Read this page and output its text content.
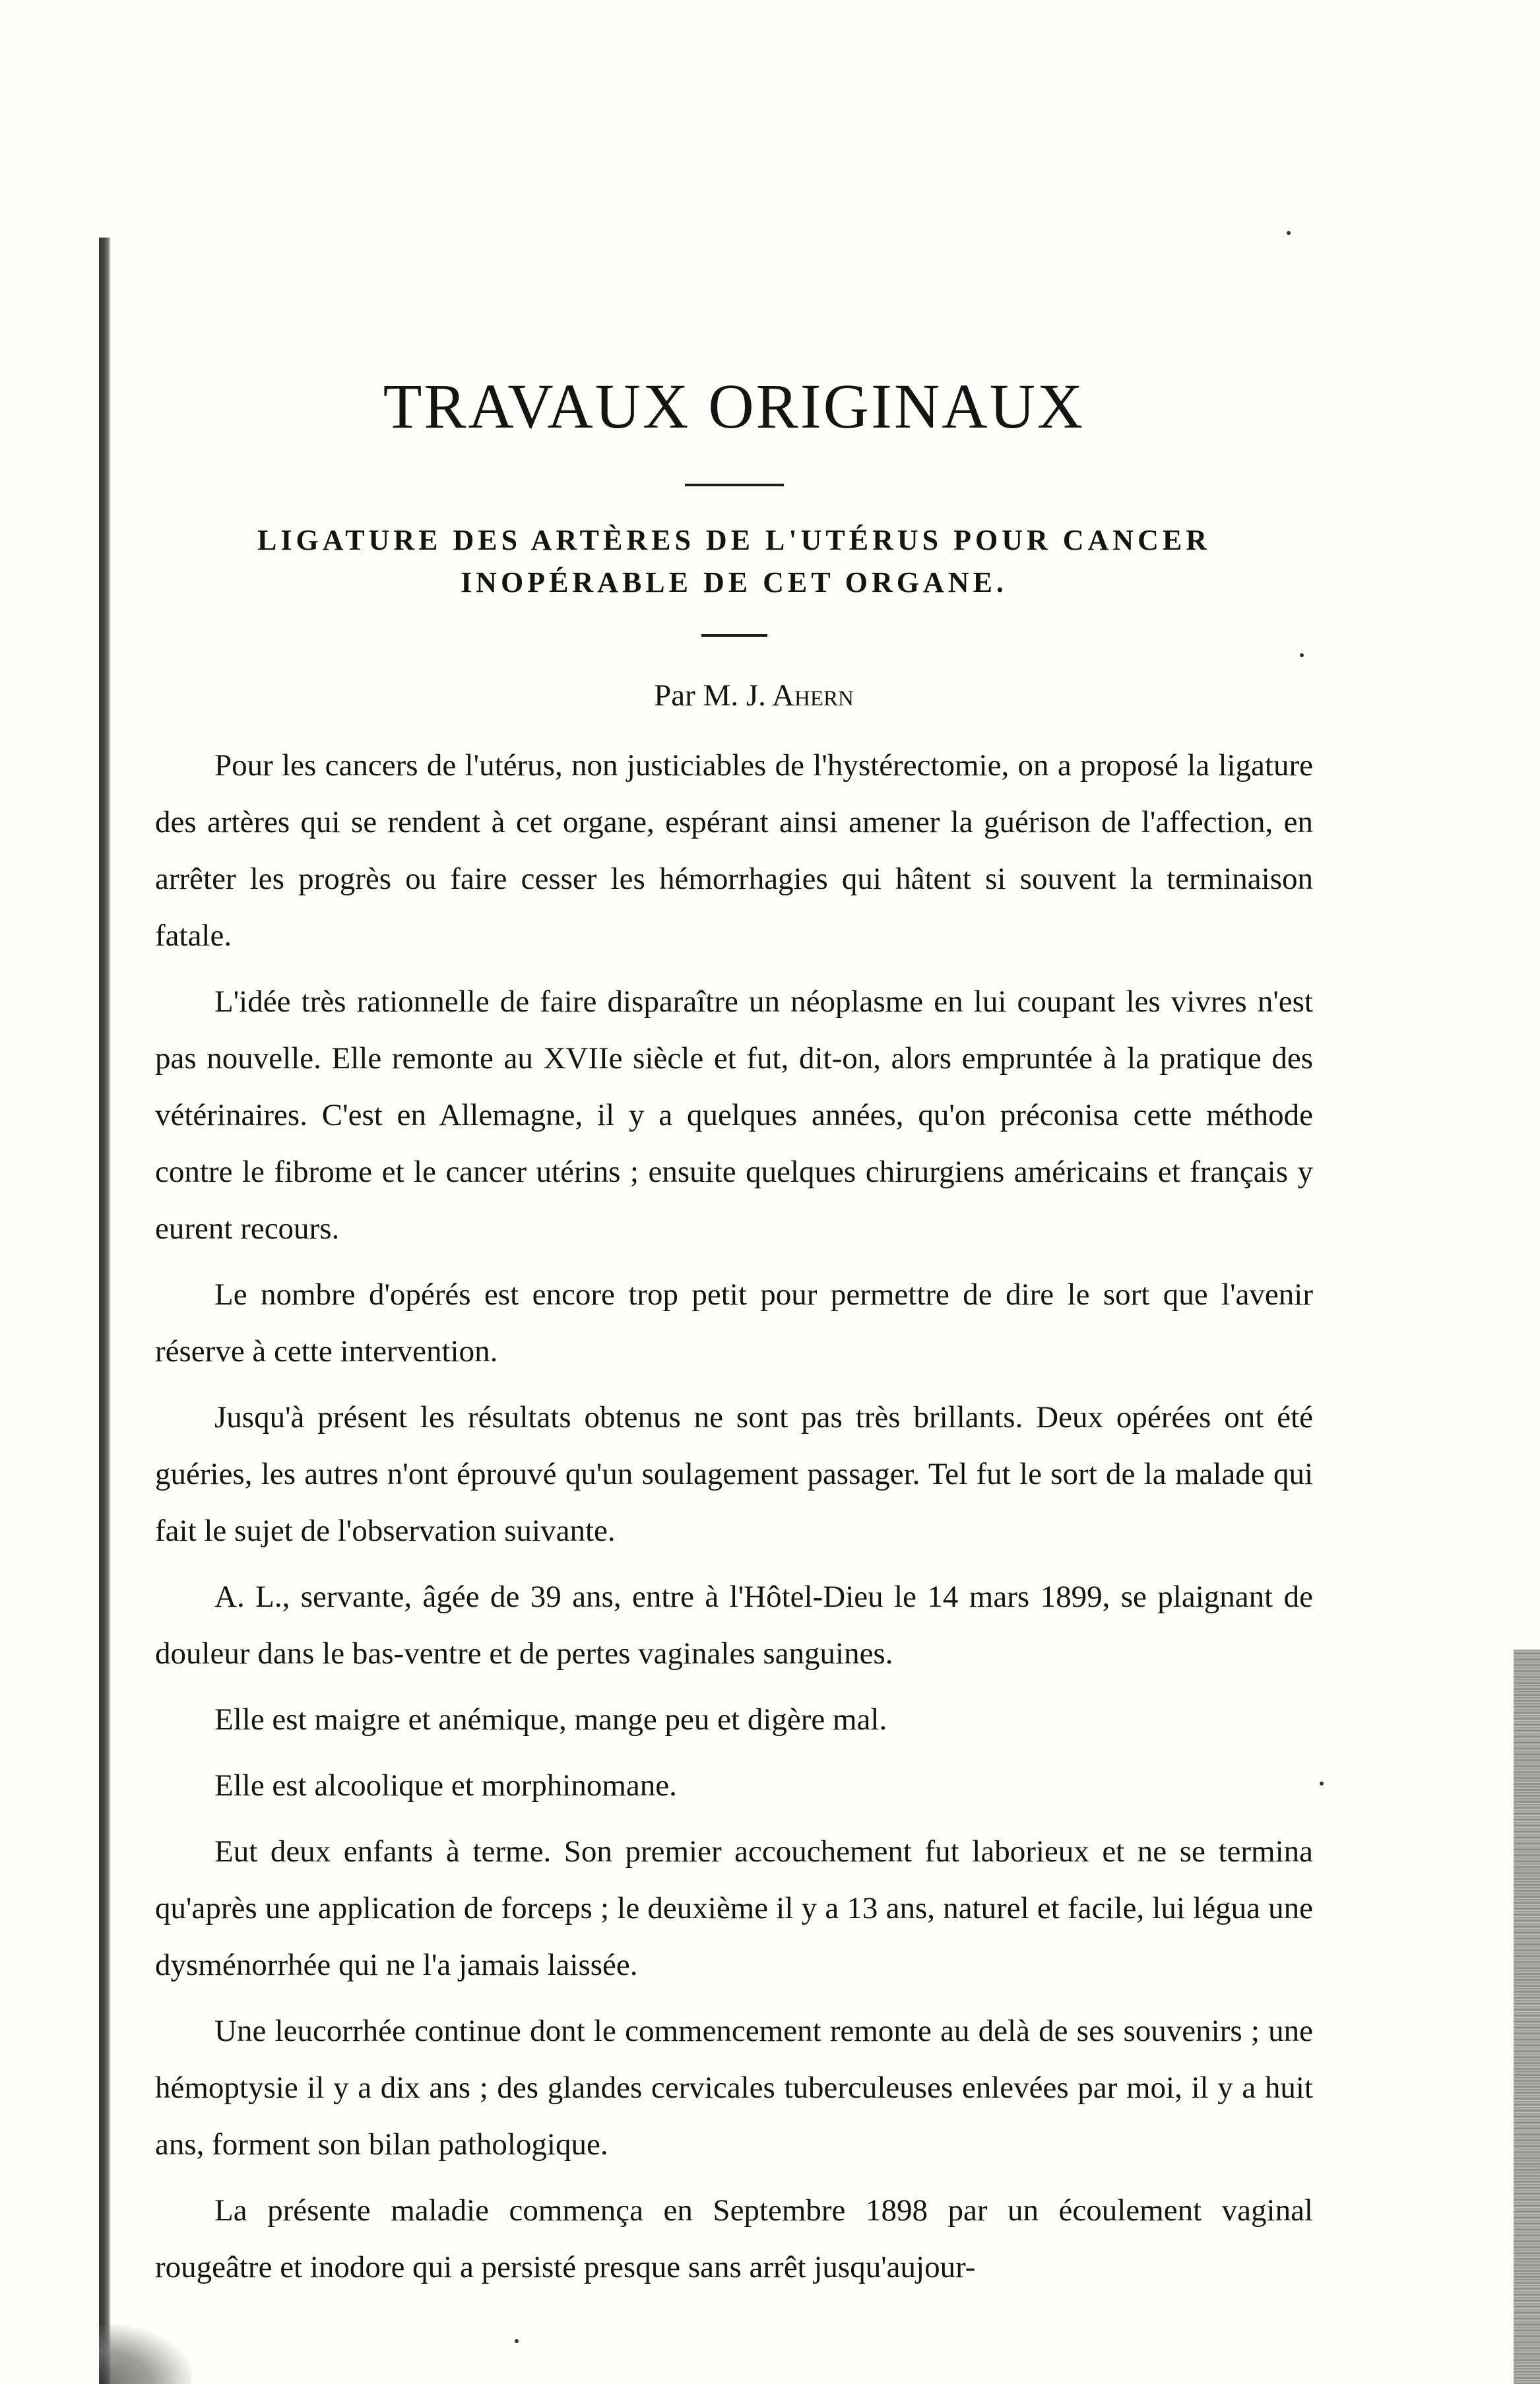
TRAVAUX ORIGINAUX
LIGATURE DES ARTÈRES DE L'UTÉRUS POUR CANCER INOPÉRABLE DE CET ORGANE.
Par M. J. Ahern

Pour les cancers de l'utérus, non justiciables de l'hystérectomie, on a proposé la ligature des artères qui se rendent à cet organe, espérant ainsi amener la guérison de l'affection, en arrêter les progrès ou faire cesser les hémorrhagies qui hâtent si souvent la terminaison fatale.

L'idée très rationnelle de faire disparaître un néoplasme en lui coupant les vivres n'est pas nouvelle. Elle remonte au XVIIe siècle et fut, dit-on, alors empruntée à la pratique des vétérinaires. C'est en Allemagne, il y a quelques années, qu'on préconisa cette méthode contre le fibrome et le cancer utérins ; ensuite quelques chirurgiens américains et français y eurent recours.

Le nombre d'opérés est encore trop petit pour permettre de dire le sort que l'avenir réserve à cette intervention.

Jusqu'à présent les résultats obtenus ne sont pas très brillants. Deux opérées ont été guéries, les autres n'ont éprouvé qu'un soulagement passager. Tel fut le sort de la malade qui fait le sujet de l'observation suivante.

A. L., servante, âgée de 39 ans, entre à l'Hôtel-Dieu le 14 mars 1899, se plaignant de douleur dans le bas-ventre et de pertes vaginales sanguines.

Elle est maigre et anémique, mange peu et digère mal.

Elle est alcoolique et morphinomane.

Eut deux enfants à terme. Son premier accouchement fut laborieux et ne se termina qu'après une application de forceps ; le deuxième il y a 13 ans, naturel et facile, lui légua une dysménorrhée qui ne l'a jamais laissée.

Une leucorrhée continue dont le commencement remonte au delà de ses souvenirs ; une hémoptysie il y a dix ans ; des glandes cervicales tuberculeuses enlevées par moi, il y a huit ans, forment son bilan pathologique.

La présente maladie commença en Septembre 1898 par un écoulement vaginal rougeâtre et inodore qui a persisté presque sans arrêt jusqu'aujour-
